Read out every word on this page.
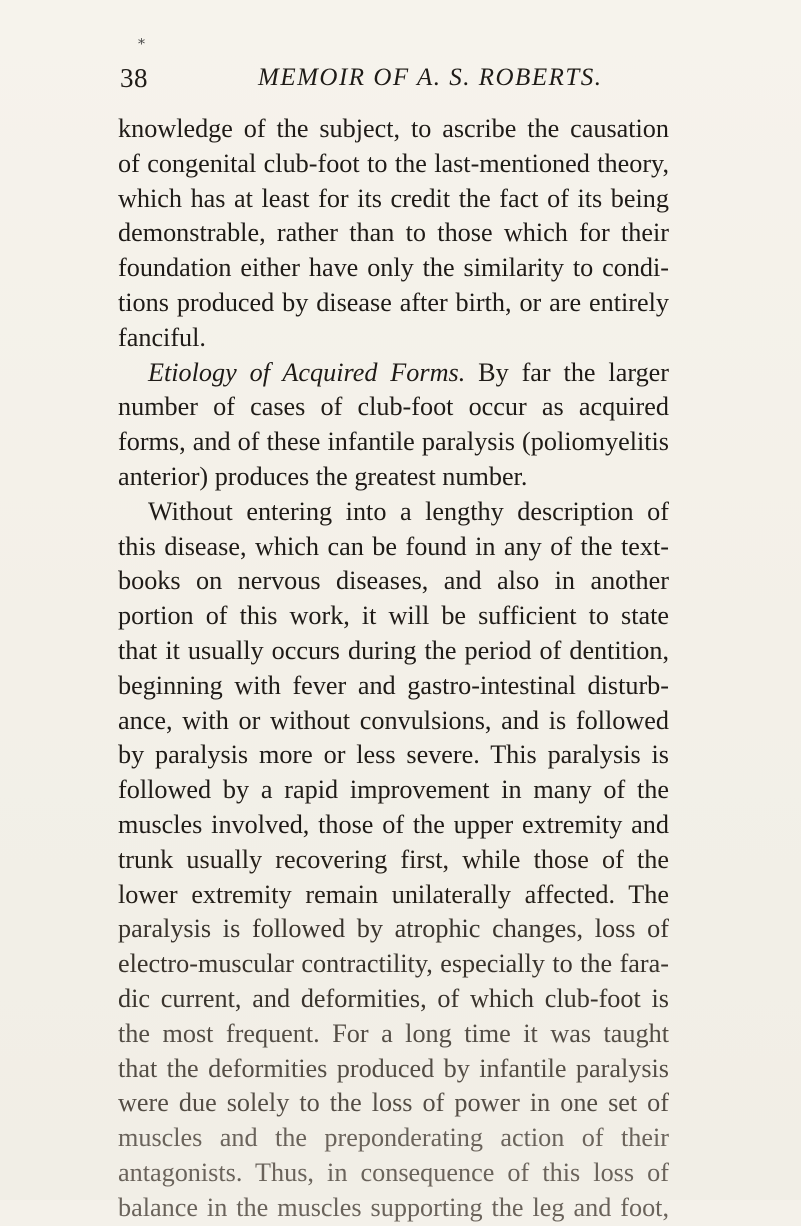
⁎
38	MEMOIR OF A. S. ROBERTS.
knowledge of the subject, to ascribe the causation
of congenital club-foot to the last-mentioned theory,
which has at least for its credit the fact of its being
demonstrable, rather than to those which for their
foundation either have only the similarity to condi-
tions produced by disease after birth, or are entirely
fanciful.
Etiology of Acquired Forms. By far the larger
number of cases of club-foot occur as acquired
forms, and of these infantile paralysis (poliomyelitis
anterior) produces the greatest number.
Without entering into a lengthy description of
this disease, which can be found in any of the text-
books on nervous diseases, and also in another
portion of this work, it will be sufficient to state
that it usually occurs during the period of dentition,
beginning with fever and gastro-intestinal disturb-
ance, with or without convulsions, and is followed
by paralysis more or less severe. This paralysis is
followed by a rapid improvement in many of the
muscles involved, those of the upper extremity and
trunk usually recovering first, while those of the
lower extremity remain unilaterally affected. The
paralysis is followed by atrophic changes, loss of
electro-muscular contractility, especially to the fara-
dic current, and deformities, of which club-foot is
the most frequent. For a long time it was taught
that the deformities produced by infantile paralysis
were due solely to the loss of power in one set of
muscles and the preponderating action of their
antagonists. Thus, in consequence of this loss of
balance in the muscles supporting the leg and foot,
